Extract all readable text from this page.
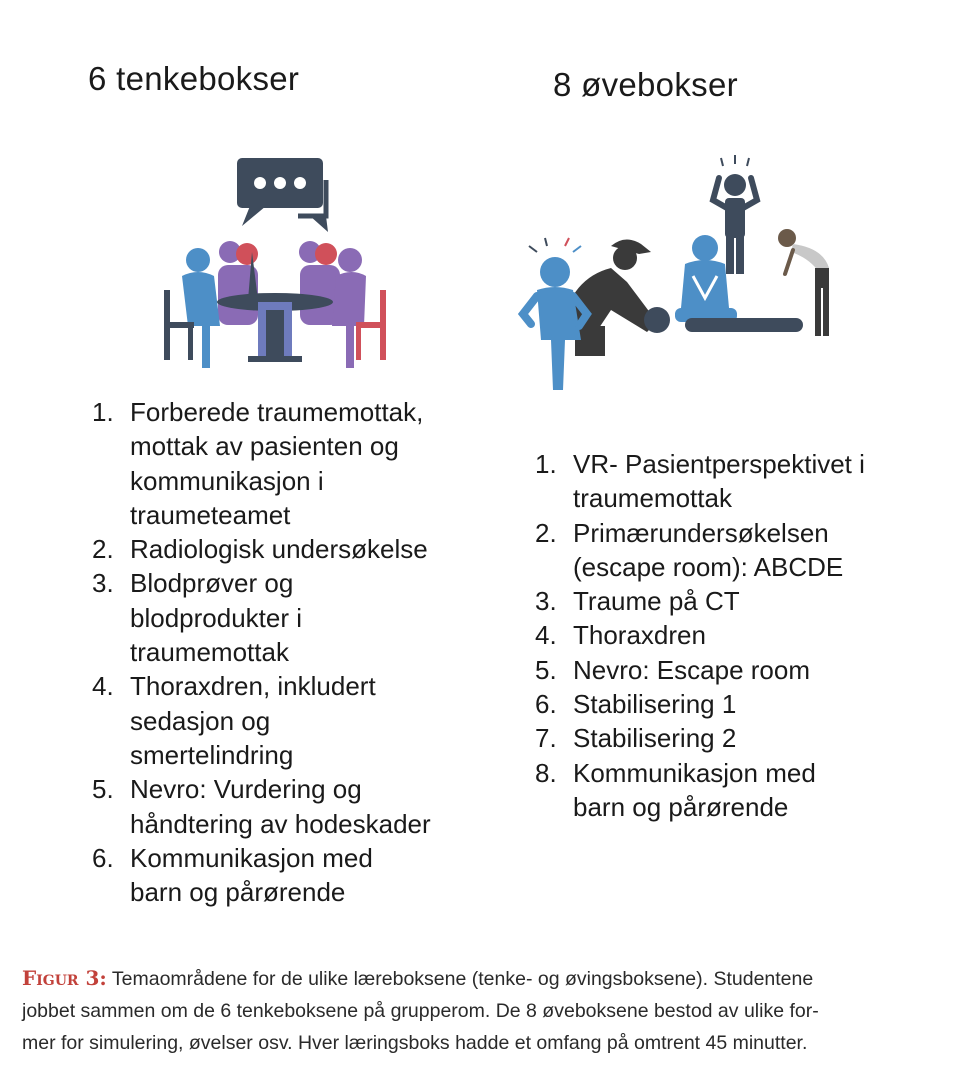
6 tenkebokser	8 øvebokser
1. Forberede traumemottak,
mottak av pasienten og
kommunikasjon i
traumeteamet
2. Radiologisk undersøkelse
3. Blodprøver og
blodprodukter i
traumemottak
4. Thoraxdren, inkludert
sedasjon og
smertelindring
5. Nevro: Vurdering og
håndtering av hodeskader
6. Kommunikasjon med
barn og pårørende
1. VR- Pasientperspektivet i
traumemottak
2. Primærundersøkelsen
(escape room): ABCDE
3. Traume på CT
4. Thoraxdren
5. Nevro: Escape room
6. Stabilisering 1
7. Stabilisering 2
8. Kommunikasjon med
barn og pårørende

Figur 3: Temaområdene for de ulike læreboksene (tenke- og øvingsboksene). Studentene
jobbet sammen om de 6 tenkeboksene på grupperom. De 8 øveboksene bestod av ulike for-
mer for simulering, øvelser osv. Hver læringsboks hadde et omfang på omtrent 45 minutter.
